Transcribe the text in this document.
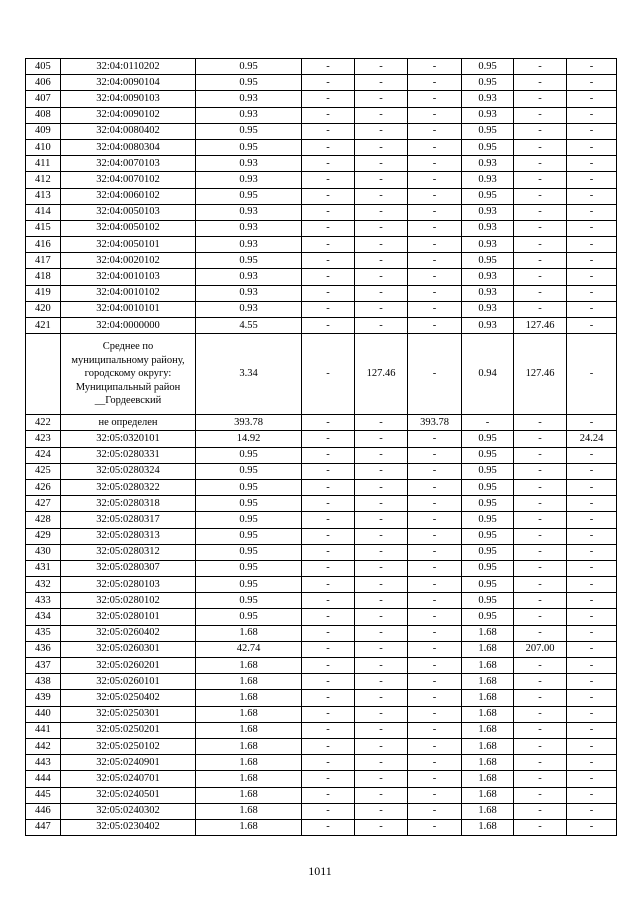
405	32:04:0110202	0.95	-	-	-	0.95	-	-
406	32:04:0090104	0.95	-	-	-	0.95	-	-
407	32:04:0090103	0.93	-	-	-	0.93	-	-
408	32:04:0090102	0.93	-	-	-	0.93	-	-
409	32:04:0080402	0.95	-	-	-	0.95	-	-
410	32:04:0080304	0.95	-	-	-	0.95	-	-
411	32:04:0070103	0.93	-	-	-	0.93	-	-
412	32:04:0070102	0.93	-	-	-	0.93	-	-
413	32:04:0060102	0.95	-	-	-	0.95	-	-
414	32:04:0050103	0.93	-	-	-	0.93	-	-
415	32:04:0050102	0.93	-	-	-	0.93	-	-
416	32:04:0050101	0.93	-	-	-	0.93	-	-
417	32:04:0020102	0.95	-	-	-	0.95	-	-
418	32:04:0010103	0.93	-	-	-	0.93	-	-
419	32:04:0010102	0.93	-	-	-	0.93	-	-
420	32:04:0010101	0.93	-	-	-	0.93	-	-
421	32:04:0000000	4.55	-	-	-	0.93	127.46	-
	Среднее по муниципальному району, городскому округу: Муниципальный район __Гордеевский	3.34	-	127.46	-	0.94	127.46	-
422	не определен	393.78	-	-	393.78	-	-	-
423	32:05:0320101	14.92	-	-	-	0.95	-	24.24
424	32:05:0280331	0.95	-	-	-	0.95	-	-
425	32:05:0280324	0.95	-	-	-	0.95	-	-
426	32:05:0280322	0.95	-	-	-	0.95	-	-
427	32:05:0280318	0.95	-	-	-	0.95	-	-
428	32:05:0280317	0.95	-	-	-	0.95	-	-
429	32:05:0280313	0.95	-	-	-	0.95	-	-
430	32:05:0280312	0.95	-	-	-	0.95	-	-
431	32:05:0280307	0.95	-	-	-	0.95	-	-
432	32:05:0280103	0.95	-	-	-	0.95	-	-
433	32:05:0280102	0.95	-	-	-	0.95	-	-
434	32:05:0280101	0.95	-	-	-	0.95	-	-
435	32:05:0260402	1.68	-	-	-	1.68	-	-
436	32:05:0260301	42.74	-	-	-	1.68	207.00	-
437	32:05:0260201	1.68	-	-	-	1.68	-	-
438	32:05:0260101	1.68	-	-	-	1.68	-	-
439	32:05:0250402	1.68	-	-	-	1.68	-	-
440	32:05:0250301	1.68	-	-	-	1.68	-	-
441	32:05:0250201	1.68	-	-	-	1.68	-	-
442	32:05:0250102	1.68	-	-	-	1.68	-	-
443	32:05:0240901	1.68	-	-	-	1.68	-	-
444	32:05:0240701	1.68	-	-	-	1.68	-	-
445	32:05:0240501	1.68	-	-	-	1.68	-	-
446	32:05:0240302	1.68	-	-	-	1.68	-	-
447	32:05:0230402	1.68	-	-	-	1.68	-	-
1011
